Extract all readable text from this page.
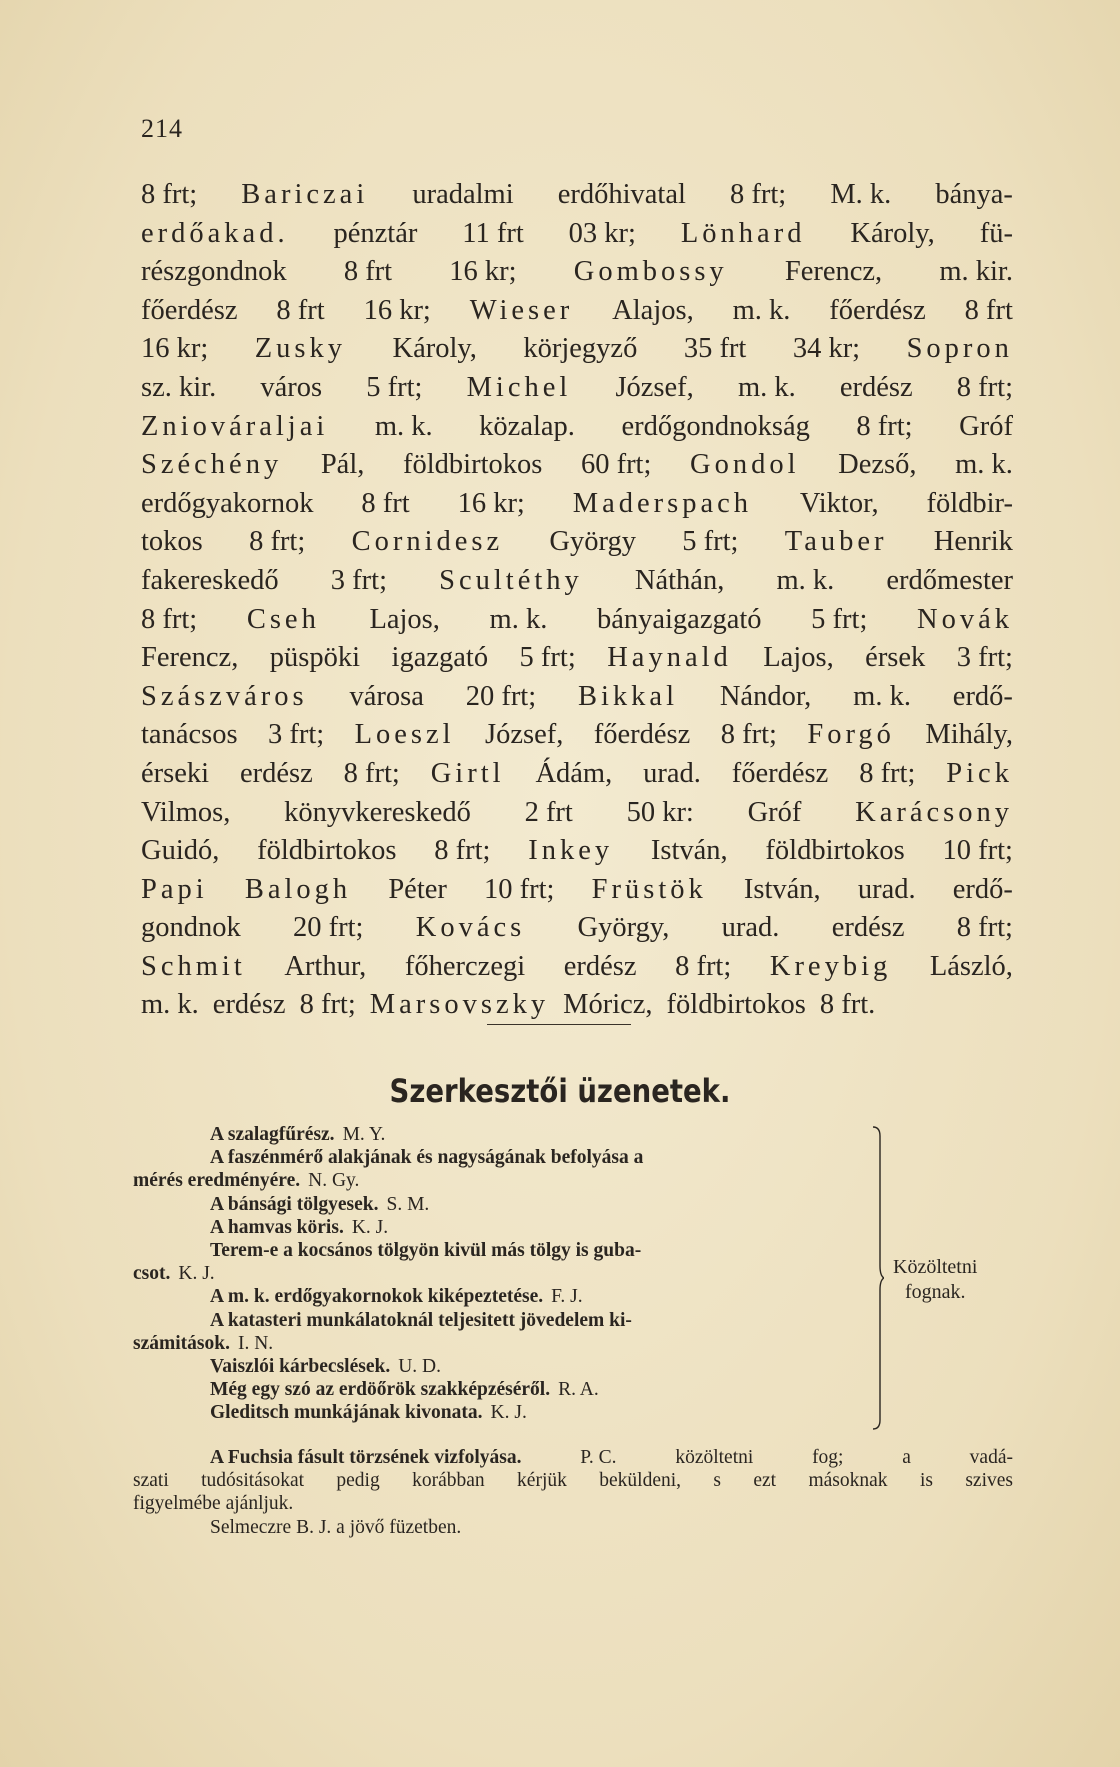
214
8 frt; Bariczai uradalmi erdőhivatal 8 frt; M. k. bánya-
erdőakad. pénztár 11 frt 03 kr; Lönhard Károly, fü-
részgondnok 8 frt 16 kr; Gombossy Ferencz, m. kir.
főerdész 8 frt 16 kr; Wieser Alajos, m. k. főerdész 8 frt
16 kr; Zusky Károly, körjegyző 35 frt 34 kr; Sopron
sz. kir. város 5 frt; Michel József, m. k. erdész 8 frt;
Zniováraljai m. k. közalap. erdőgondnokság 8 frt; Gróf
Széchény Pál, földbirtokos 60 frt; Gondol Dezső, m. k.
erdőgyakornok 8 frt 16 kr; Maderspach Viktor, földbir-
tokos 8 frt; Cornidesz György 5 frt; Tauber Henrik
fakereskedő 3 frt; Scultéthy Náthán, m. k. erdőmester
8 frt; Cseh Lajos, m. k. bányaigazgató 5 frt; Novák
Ferencz, püspöki igazgató 5 frt; Haynald Lajos, érsek 3 frt;
Szászváros városa 20 frt; Bikkal Nándor, m. k. erdő-
tanácsos 3 frt; Loeszl József, főerdész 8 frt; Forgó Mihály,
érseki erdész 8 frt; Girtl Ádám, urad. főerdész 8 frt; Pick
Vilmos, könyvkereskedő 2 frt 50 kr: Gróf Karácsony
Guidó, földbirtokos 8 frt; Inkey István, földbirtokos 10 frt;
Papi Balogh Péter 10 frt; Früstök István, urad. erdő-
gondnok 20 frt; Kovács György, urad. erdész 8 frt;
Schmit Arthur, főherczegi erdész 8 frt; Kreybig László,
m. k. erdész 8 frt; Marsovszky Móricz, földbirtokos 8 frt.
Szerkesztői üzenetek.
A szalagfűrész. M. Y.
A faszénmérő alakjának és nagyságának befolyása a
mérés eredményére. N. Gy.
A bánsági tölgyesek. S. M.
A hamvas köris. K. J.
Terem-e a kocsános tölgyön kivül más tölgy is guba-
csot. K. J.
A m. k. erdőgyakornokok kiképeztetése. F. J.
A katasteri munkálatoknál teljesitett jövedelem ki-
számitások. I. N.
Vaiszlói kárbecslések. U. D.
Még egy szó az erdöőrök szakképzéséről. R. A.
Gleditsch munkájának kivonata. K. J.
Közöltetni
fognak.
A Fuchsia fásult törzsének vizfolyása.	P. C.	közöltetni	fog;	a	vadá-
szati tudósitásokat pedig korábban kérjük beküldeni, s ezt másoknak is szives
figyelmébe ajánljuk.
Selmeczre B. J. a jövő füzetben.
